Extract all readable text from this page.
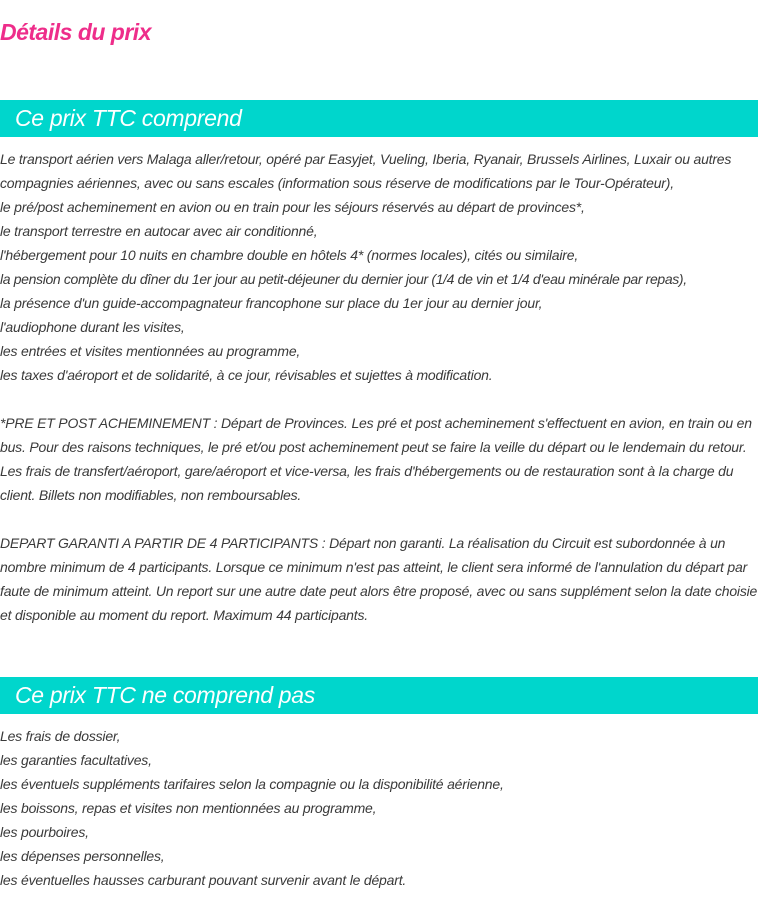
Détails du prix
Ce prix TTC comprend

Le transport aérien vers Malaga aller/retour, opéré par Easyjet, Vueling, Iberia, Ryanair, Brussels Airlines, Luxair ou autres compagnies aériennes, avec ou sans escales (information sous réserve de modifications par le Tour-Opérateur),

le pré/post acheminement en avion ou en train pour les séjours réservés au départ de provinces*,
le transport terrestre en autocar avec air conditionné,
l'hébergement pour 10 nuits en chambre double en hôtels 4* (normes locales), cités ou similaire,
la pension complète du dîner du 1er jour au petit-déjeuner du dernier jour (1/4 de vin et 1/4 d'eau minérale par repas),
la présence d'un guide-accompagnateur francophone sur place du 1er jour au dernier jour,
l'audiophone durant les visites,
les entrées et visites mentionnées au programme,
les taxes d'aéroport et de solidarité, à ce jour, révisables et sujettes à modification.

*PRE ET POST ACHEMINEMENT : Départ de Provinces. Les pré et post acheminement s'effectuent en avion, en train ou en bus. Pour des raisons techniques, le pré et/ou post acheminement peut se faire la veille du départ ou le lendemain du retour. Les frais de transfert/aéroport, gare/aéroport et vice-versa, les frais d'hébergements ou de restauration sont à la charge du client. Billets non modifiables, non remboursables.

DEPART GARANTI A PARTIR DE 4 PARTICIPANTS : Départ non garanti. La réalisation du Circuit est subordonnée à un nombre minimum de 4 participants. Lorsque ce minimum n'est pas atteint, le client sera informé de l'annulation du départ par faute de minimum atteint. Un report sur une autre date peut alors être proposé, avec ou sans supplément selon la date choisie et disponible au moment du report. Maximum 44 participants.

Ce prix TTC ne comprend pas
Les frais de dossier,
les garanties facultatives,
les éventuels suppléments tarifaires selon la compagnie ou la disponibilité aérienne,
les boissons, repas et visites non mentionnées au programme,
les pourboires,
les dépenses personnelles,
les éventuelles hausses carburant pouvant survenir avant le départ.
